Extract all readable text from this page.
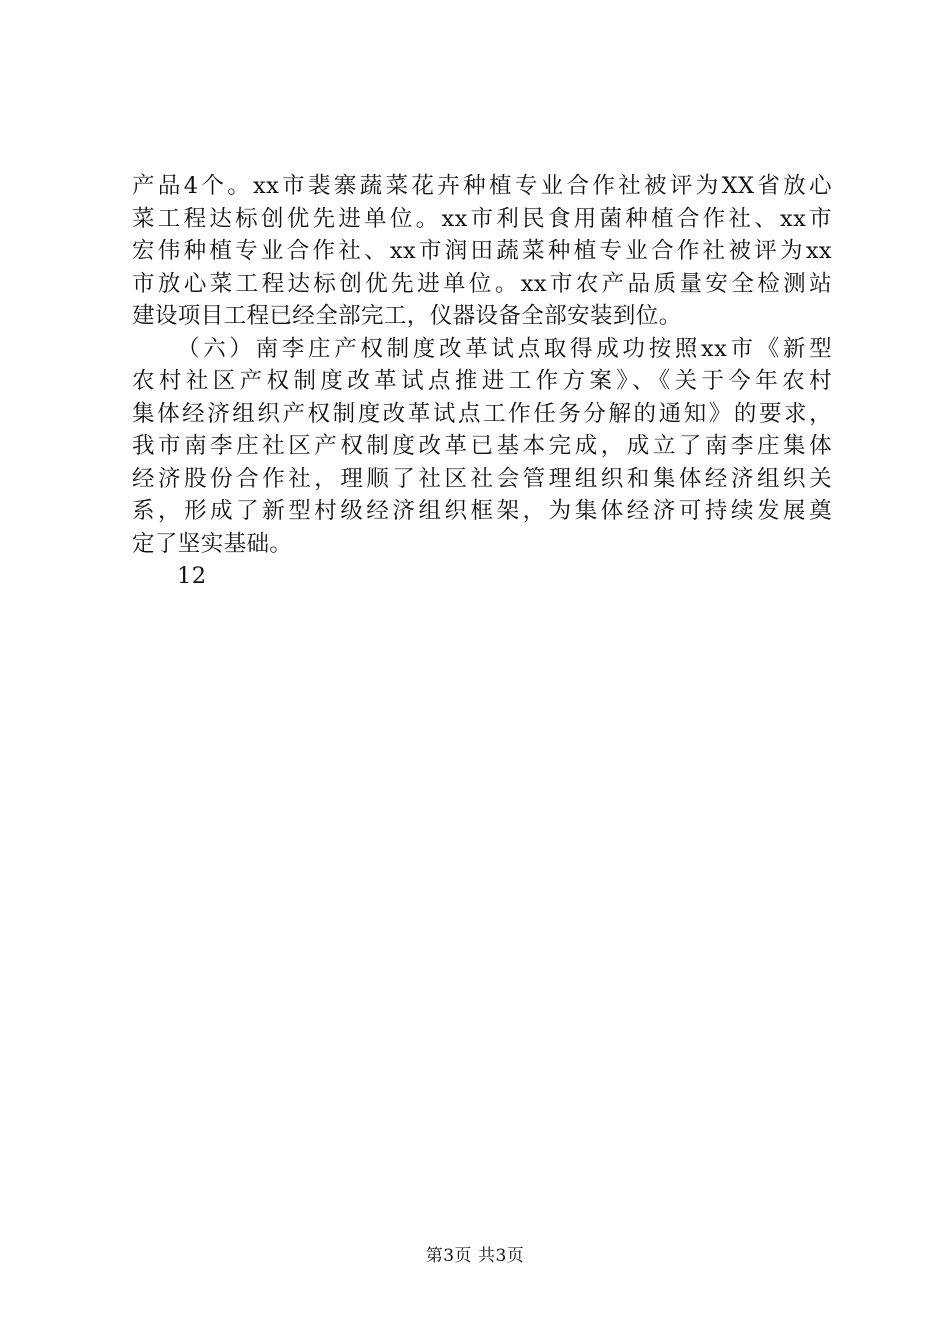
产品4个。xx市裴寨蔬菜花卉种植专业合作社被评为XX省放心
菜工程达标创优先进单位。xx市利民食用菌种植合作社、xx市
宏伟种植专业合作社、xx市润田蔬菜种植专业合作社被评为xx
市放心菜工程达标创优先进单位。xx市农产品质量安全检测站
建设项目工程已经全部完工，仪器设备全部安装到位。
（六）南李庄产权制度改革试点取得成功按照xx市《新型
农村社区产权制度改革试点推进工作方案》、《关于今年农村
集体经济组织产权制度改革试点工作任务分解的通知》的要求，
我市南李庄社区产权制度改革已基本完成，成立了南李庄集体
经济股份合作社，理顺了社区社会管理组织和集体经济组织关
系，形成了新型村级经济组织框架，为集体经济可持续发展奠
定了坚实基础。
12
第3页 共3页
